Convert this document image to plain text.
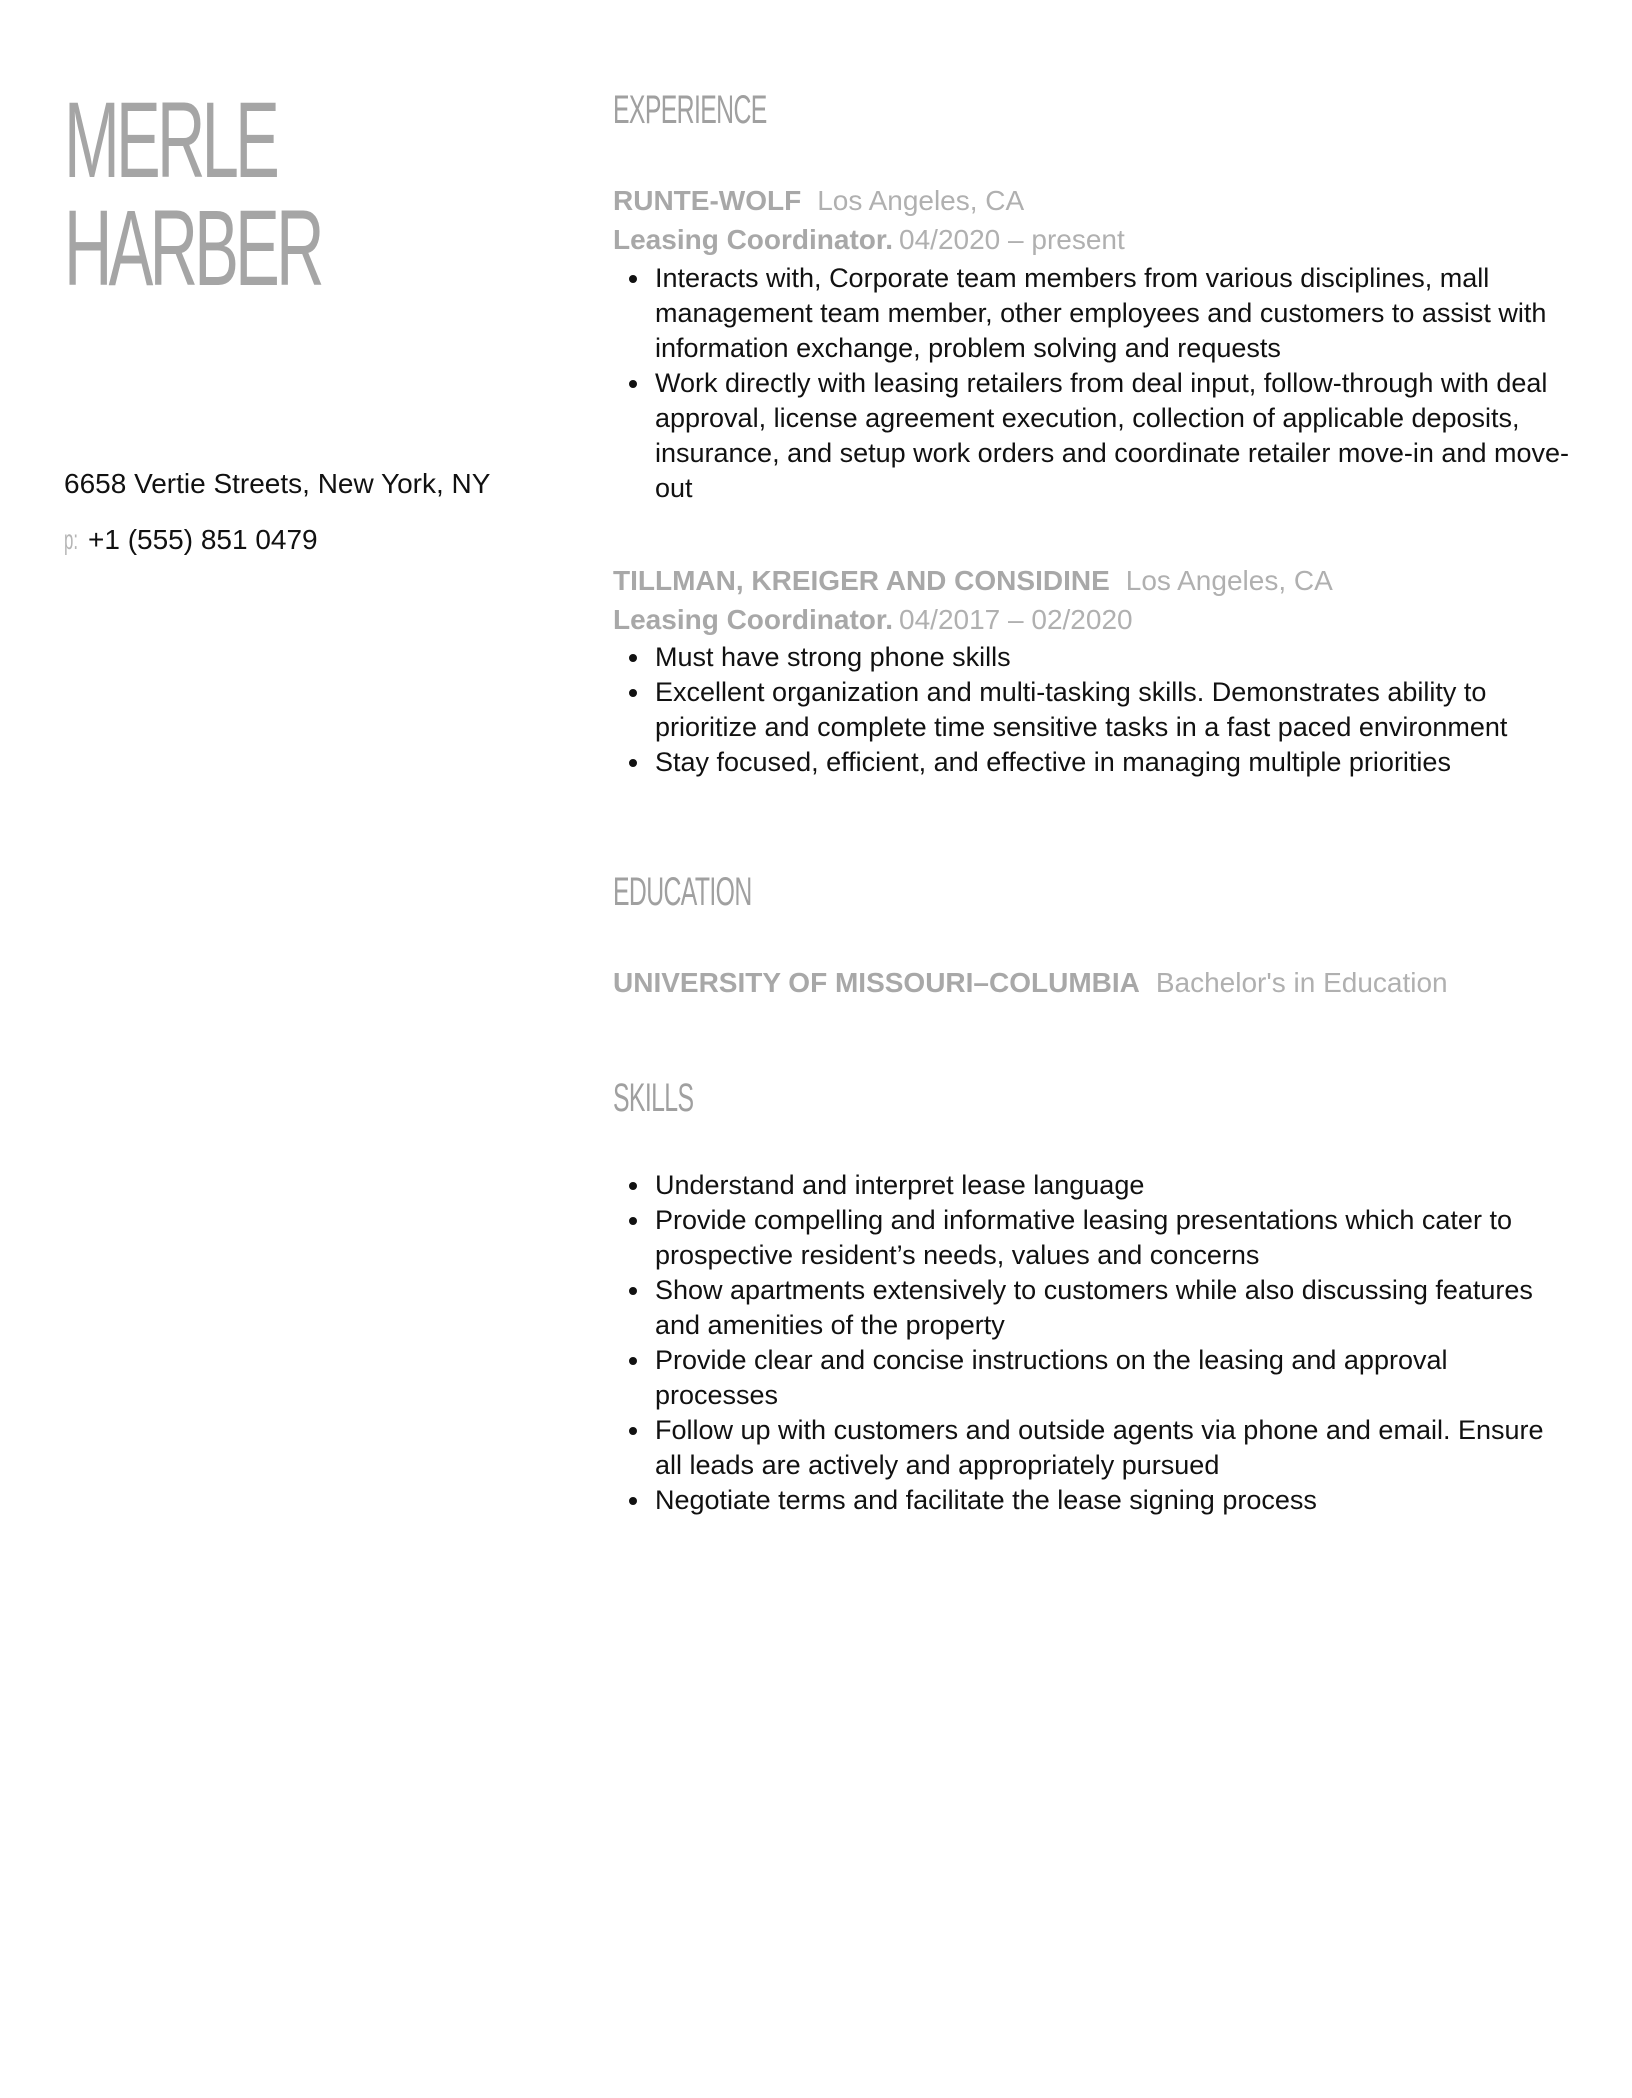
MERLE
HARBER
6658 Vertie Streets, New York, NY
p: +1 (555) 851 0479
EXPERIENCE
RUNTE-WOLF Los Angeles, CA
Leasing Coordinator. 04/2020 – present
Interacts with, Corporate team members from various disciplines, mall management team member, other employees and customers to assist with information exchange, problem solving and requests
Work directly with leasing retailers from deal input, follow-through with deal approval, license agreement execution, collection of applicable deposits, insurance, and setup work orders and coordinate retailer move-in and move-out
TILLMAN, KREIGER AND CONSIDINE Los Angeles, CA
Leasing Coordinator. 04/2017 – 02/2020
Must have strong phone skills
Excellent organization and multi-tasking skills. Demonstrates ability to prioritize and complete time sensitive tasks in a fast paced environment
Stay focused, efficient, and effective in managing multiple priorities
EDUCATION
UNIVERSITY OF MISSOURI–COLUMBIA Bachelor's in Education
SKILLS
Understand and interpret lease language
Provide compelling and informative leasing presentations which cater to prospective resident’s needs, values and concerns
Show apartments extensively to customers while also discussing features and amenities of the property
Provide clear and concise instructions on the leasing and approval processes
Follow up with customers and outside agents via phone and email. Ensure all leads are actively and appropriately pursued
Negotiate terms and facilitate the lease signing process
